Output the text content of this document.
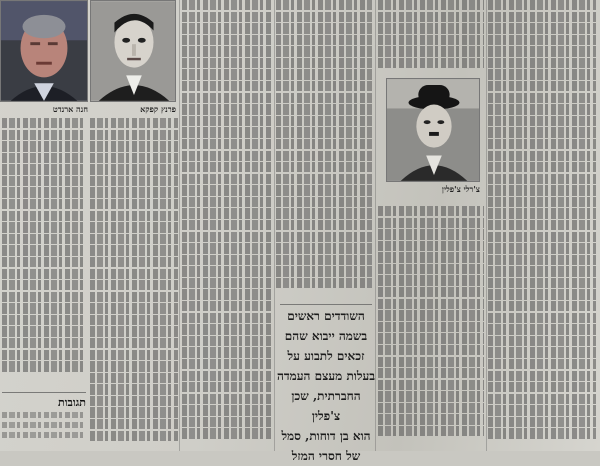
חנה ארנדט	פרנץ קפקא
תגובות
השודדים ראשים
בשמה ייבוא שהם
זכאים לתבוע על
בעלות מעצם העמדה
החברתית, שכן צ'פלין
הוא בן דוחות, סמל
של חסרי המזל
צ'רלי צ'פלין
